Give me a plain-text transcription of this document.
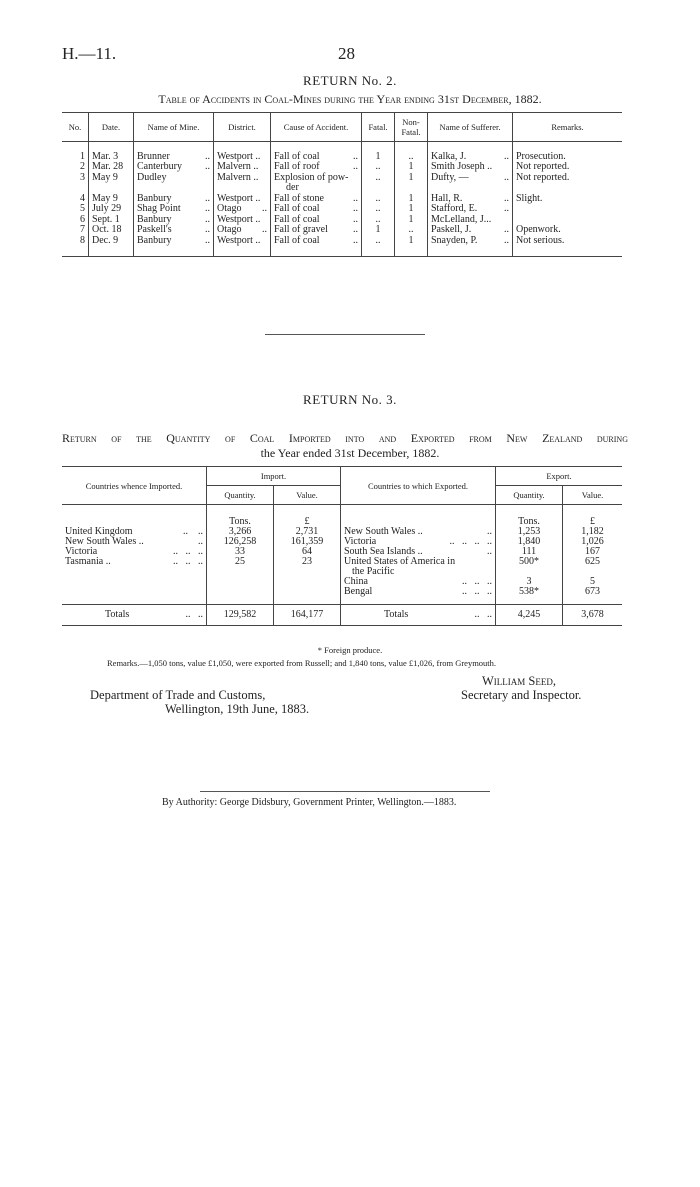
H.—11.	28
RETURN No. 2.
Table of Accidents in Coal-Mines during the Year ending 31st December, 1882.
No.	Date.	Name of Mine.	District.	Cause of Accident.	Fatal.	Non-Fatal.	Name of Sufferer.	Remarks.

1	Mar. 3	Brunner ..	Westport ..	Fall of coal ..	1	..	Kalka, J. ..	Prosecution.
2	Mar. 28	Canterbury ..	Malvern ..	Fall of roof ..	..	1	Smith Joseph ..	Not reported.
3	May 9	Dudley	Malvern ..	Explosion of pow-
der	..	1	Dufty, — ..	Not reported.
4	May 9	Banbury ..	Westport ..	Fall of stone ..	..	1	Hall, R. ..	Slight.
5	July 29	Shag Point ..	Otago ..	Fall of coal ..	..	1	Stafford, E. ..	

6	Sept. 1	Banbury ..	Westport ..	Fall of coal ..	..	1	McLelland, J...	
7	Oct. 18	Paskell's ..	Otago ..	Fall of gravel ..	1	..	Paskell, J. ..	Openwork.
8	Dec. 9	Banbury ..	Westport ..	Fall of coal ..	..	1	Snayden, P. ..	Not serious.

RETURN No. 3.
Return of the Quantity of Coal Imported into and Exported from New Zealand during
the Year ended 31st December, 1882.
Countries whence Imported.	Import.		Countries to which Exported.	Export.	
	Quantity.	Value.		Quantity.	Value.

	Tons.	£		Tons.	£
United Kingdom ..    ..	3,266	2,731	New South Wales .. ..	1,253	1,182
New South Wales .. ..	126,258	161,359	Victoria ..   ..   ..   ..	1,840	1,026
Victoria ..   ..   ..	33	64	South Sea Islands .. ..	111	167
Tasmania .. ..   ..   ..	25	23	United States of America in
the Pacific	500*	625
			China ..   ..   ..	3	5
			Bengal ..   ..   ..	538*	673

Totals ..   ..	129,582	164,177	Totals ..   ..	4,245	3,678
* Foreign produce.
Remarks.—1,050 tons, value £1,050, were exported from Russell; and 1,840 tons, value £1,026, from Greymouth.
William Seed,
Secretary and Inspector.
Department of Trade and Customs,
Wellington, 19th June, 1883.
By Authority: George Didsbury, Government Printer, Wellington.—1883.
